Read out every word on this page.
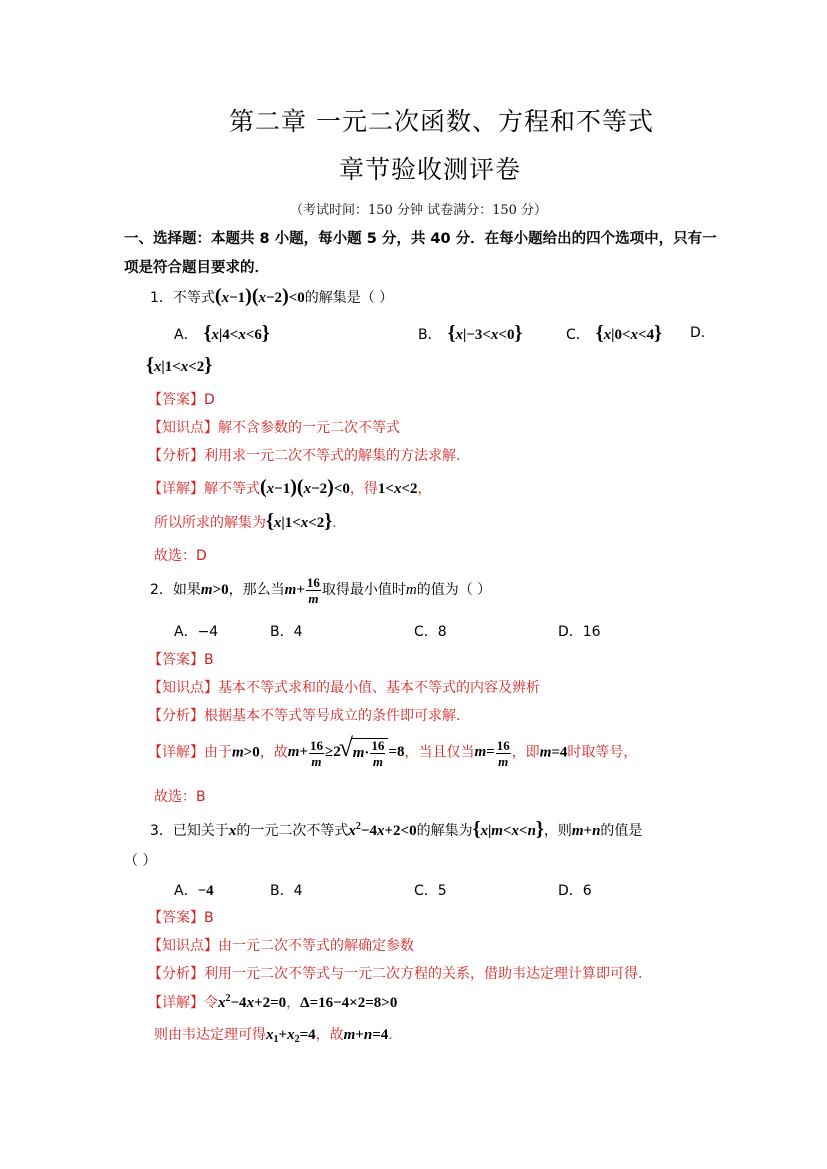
第二章 一元二次函数、方程和不等式
章节验收测评卷
（考试时间：150 分钟 试卷满分：150 分）
一、选择题：本题共 8 小题，每小题 5 分，共 40 分．在每小题给出的四个选项中，只有一
项是符合题目要求的．
1．不等式(x−1)(x−2)<0的解集是（ ）
A． {x|4<x<6}	B． {x|−3<x<0}	C． {x|0<x<4} D．
{x|1<x<2}
【答案】D
【知识点】解不含参数的一元二次不等式
【分析】利用求一元二次不等式的解集的方法求解.
【详解】解不等式(x−1)(x−2)<0，得1<x<2，
所以所求的解集为{x|1<x<2}.
故选：D
2．如果m>0，那么当$m+ \frac{16}{m}$ 取得最小值时m的值为（ ）
A．−4	B．4	C．8	D．16
【答案】B
【知识点】基本不等式求和的最小值、基本不等式的内容及辨析
【分析】根据基本不等式等号成立的条件即可求解.
【详解】由于m>0，故$m+ \frac{16}{m} \ge 2√$ $m\cdot \frac{16}{m} =8$，当且仅当$m= \frac{16}{m}$ ，即m=4时取等号，
故选：B
3．已知关于x的一元二次不等式$x^2-4x+2<0$的解集为{x|m<x<n}，则m+n的值是
（ ）
A．−4	B．4	C．5	D．6
【答案】B
【知识点】由一元二次不等式的解确定参数
【分析】利用一元二次不等式与一元二次方程的关系，借助韦达定理计算即可得.
【详解】令$x^2-4x+2=0$，Δ=16−4×2=8>0
则由韦达定理可得$x_1+x_2=4$，故m+n=4.
